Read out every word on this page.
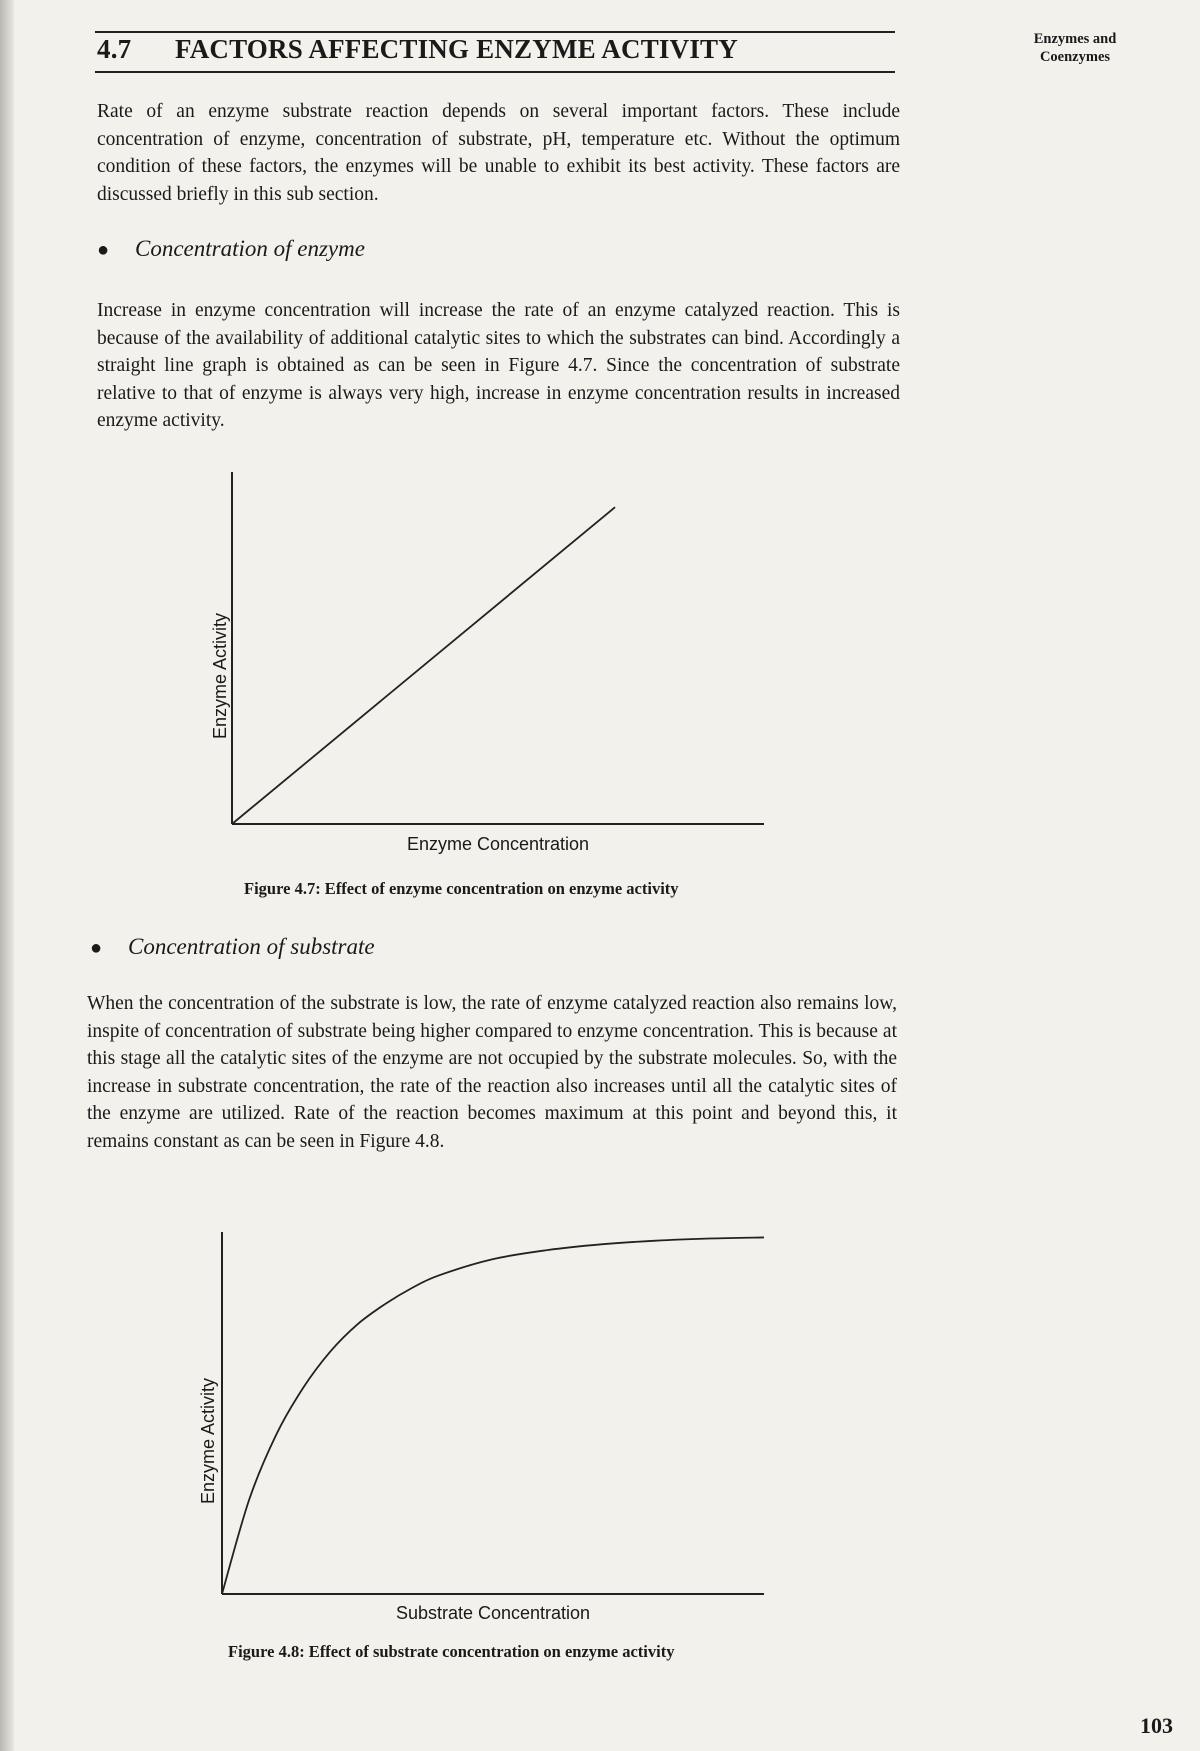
4.7 FACTORS AFFECTING ENZYME ACTIVITY	Enzymes and
Coenzymes

Rate of an enzyme substrate reaction depends on several important factors. These include concentration of enzyme, concentration of substrate, pH, temperature etc. Without the optimum condition of these factors, the enzymes will be unable to exhibit its best activity. These factors are discussed briefly in this sub section.

● Concentration of enzyme

Increase in enzyme concentration will increase the rate of an enzyme catalyzed reaction. This is because of the availability of additional catalytic sites to which the substrates can bind. Accordingly a straight line graph is obtained as can be seen in Figure 4.7. Since the concentration of substrate relative to that of enzyme is always very high, increase in enzyme concentration results in increased enzyme activity.

● Concentration of substrate

When the concentration of the substrate is low, the rate of enzyme catalyzed reaction also remains low, inspite of concentration of substrate being higher compared to enzyme concentration. This is because at this stage all the catalytic sites of the enzyme are not occupied by the substrate molecules. So, with the increase in substrate concentration, the rate of the reaction also increases until all the catalytic sites of the enzyme are utilized. Rate of the reaction becomes maximum at this point and beyond this, it remains constant as can be seen in Figure 4.8.

Enzyme Concentration
Enzyme Activity
Substrate Concentration
Enzyme Activity
Figure 4.7: Effect of enzyme concentration on enzyme activity
Figure 4.8: Effect of substrate concentration on enzyme activity
103
